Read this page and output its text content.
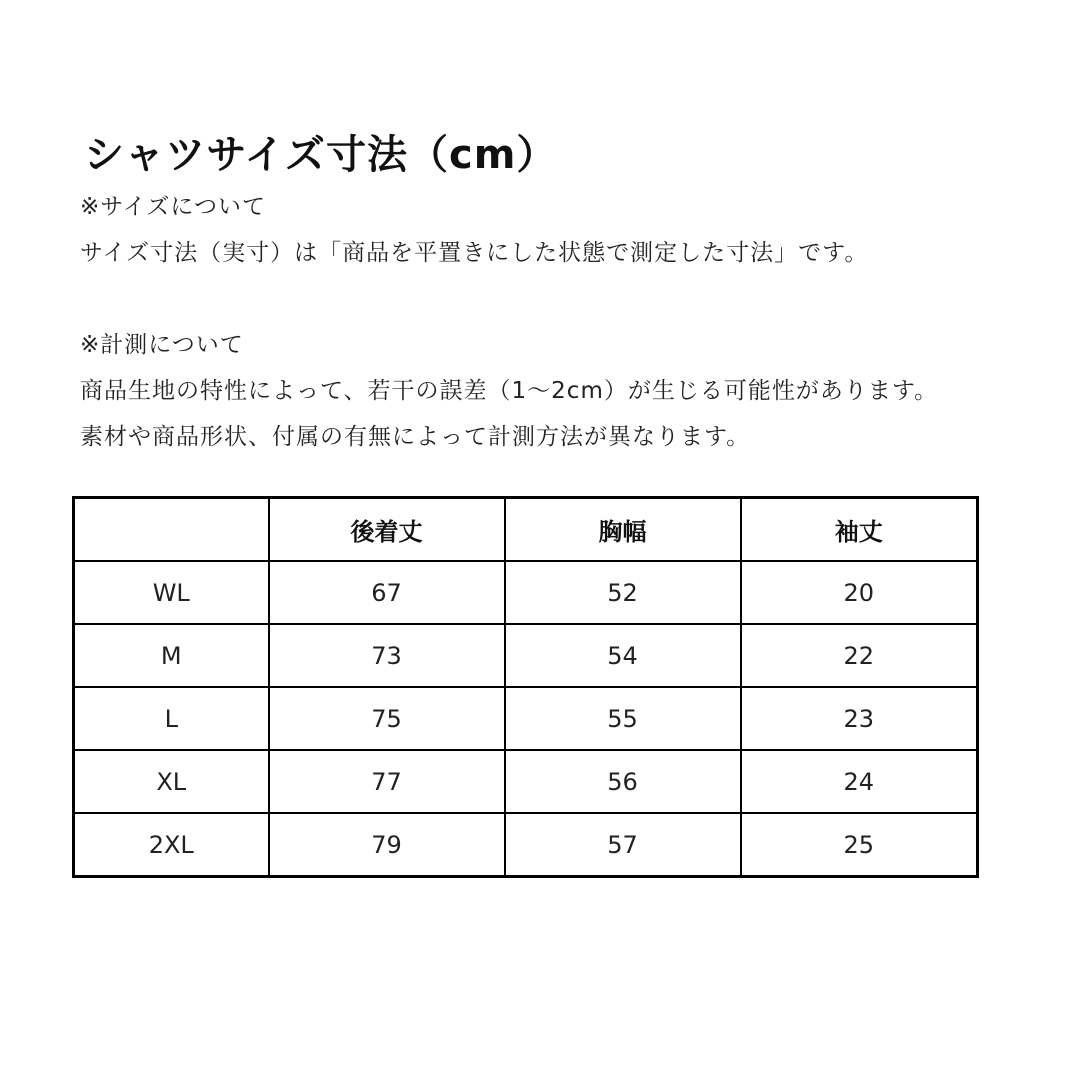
シャツサイズ寸法（cm）
※サイズについて
サイズ寸法（実寸）は「商品を平置きにした状態で測定した寸法」です。
※計測について
商品生地の特性によって、若干の誤差（1〜2cm）が生じる可能性があります。
素材や商品形状、付属の有無によって計測方法が異なります。
	後着丈	胸幅	袖丈
WL	67	52	20
M	73	54	22
L	75	55	23
XL	77	56	24
2XL	79	57	25
